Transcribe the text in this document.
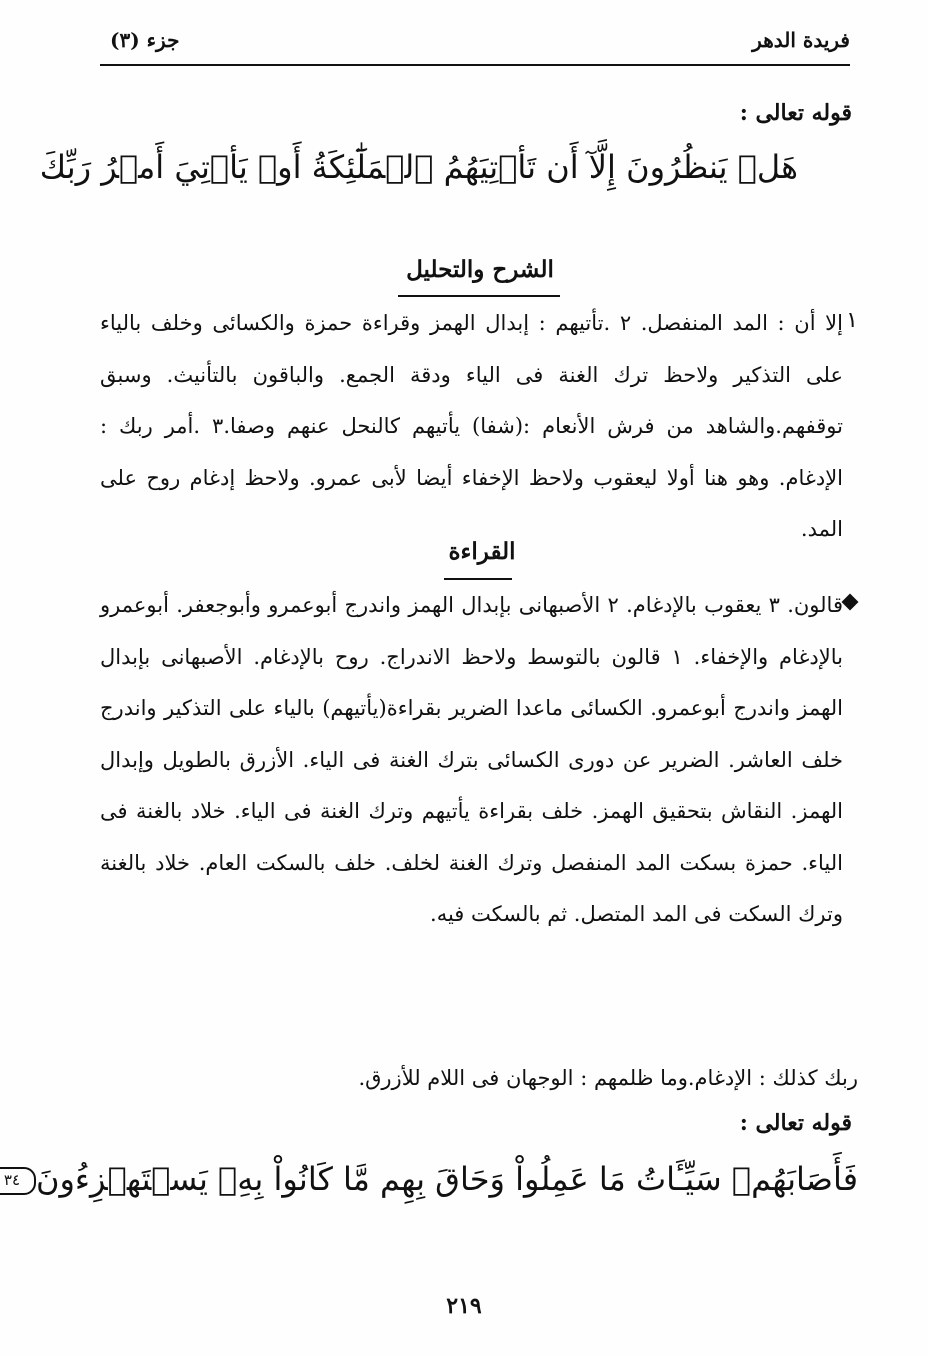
فريدة الدهر
جزء (٣)
قوله تعالى :
هَلۡ يَنظُرُونَ إِلَّآ أَن تَأۡتِيَهُمُ ٱلۡمَلَٰٓئِكَةُ أَوۡ يَأۡتِيَ أَمۡرُ رَبِّكَ
الشرح والتحليل
١

إلا أن : المد المنفصل. ٢ .تأتيهم : إبدال الهمز وقراءة حمزة والكسائى وخلف بالياء على التذكير ولاحظ ترك الغنة فى الياء ودقة الجمع. والباقون بالتأنيث. وسبق توقفهم.والشاهد من فرش الأنعام :(شفا) يأتيهم كالنحل عنهم وصفا.٣ .أمر ربك : الإدغام. وهو هنا أولا ليعقوب ولاحظ الإخفاء أيضا لأبى عمرو. ولاحظ إدغام روح على المد.

القراءة

قالون. ٣ يعقوب بالإدغام. ٢ الأصبهانى بإبدال الهمز واندرج أبوعمرو وأبوجعفر. أبوعمرو بالإدغام والإخفاء. ١ قالون بالتوسط ولاحظ الاندراج. روح بالإدغام. الأصبهانى بإبدال الهمز واندرج أبوعمرو. الكسائى ماعدا الضرير بقراءة(يأتيهم) بالياء على التذكير واندرج خلف العاشر. الضرير عن دورى الكسائى بترك الغنة فى الياء. الأزرق بالطويل وإبدال الهمز. النقاش بتحقيق الهمز. خلف بقراءة يأتيهم وترك الغنة فى الياء. خلاد بالغنة فى الياء. حمزة بسكت المد المنفصل وترك الغنة لخلف. خلف بالسكت العام. خلاد بالغنة وترك السكت فى المد المتصل. ثم بالسكت فيه.

ربك كذلك : الإدغام.وما ظلمهم : الوجهان فى اللام للأزرق.
قوله تعالى :
فَأَصَابَهُمۡ سَيِّـَٔاتُ مَا عَمِلُواْ وَحَاقَ بِهِم مَّا كَانُواْ بِهِۦ يَسۡتَهۡزِءُونَ٣٤
٢١٩
